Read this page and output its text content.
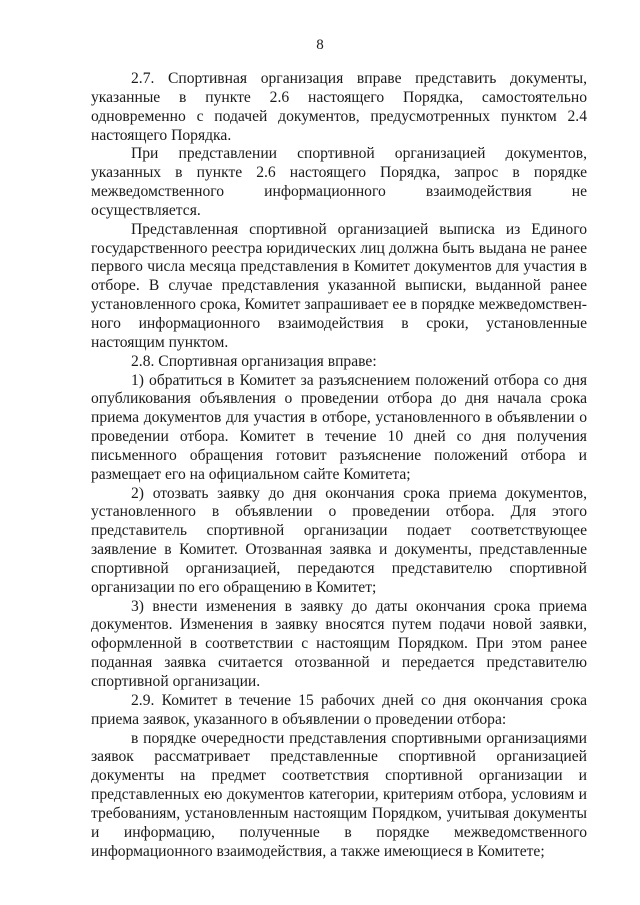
8

2.7. Спортивная организация вправе представить документы, указанные в пункте 2.6 настоящего Порядка, самостоятельно одновременно с подачей документов, предусмотренных пунктом 2.4 настоящего Порядка.

При представлении спортивной организацией документов, указанных в пункте 2.6 настоящего Порядка, запрос в порядке межведомственного информационного взаимодействия не осуществляется.

Представленная спортивной организацией выписка из Единого государственного реестра юридических лиц должна быть выдана не ранее первого числа месяца представления в Комитет документов для участия в отборе. В случае представления указанной выписки, выданной ранее установленного срока, Комитет запрашивает ее в порядке межведомственного информационного взаимодействия в сроки, установленные настоящим пунктом.

2.8. Спортивная организация вправе:

1) обратиться в Комитет за разъяснением положений отбора со дня опубликования объявления о проведении отбора до дня начала срока приема документов для участия в отборе, установленного в объявлении о проведении отбора. Комитет в течение 10 дней со дня получения письменного обращения готовит разъяснение положений отбора и размещает его на официальном сайте Комитета;

2) отозвать заявку до дня окончания срока приема документов, установленного в объявлении о проведении отбора. Для этого представитель спортивной организации подает соответствующее заявление в Комитет. Отозванная заявка и документы, представленные спортивной организацией, передаются представителю спортивной организации по его обращению в Комитет;

3) внести изменения в заявку до даты окончания срока приема документов. Изменения в заявку вносятся путем подачи новой заявки, оформленной в соответствии с настоящим Порядком. При этом ранее поданная заявка считается отозванной и передается представителю спортивной организации.

2.9. Комитет в течение 15 рабочих дней со дня окончания срока приема заявок, указанного в объявлении о проведении отбора:

в порядке очередности представления спортивными организациями заявок рассматривает представленные спортивной организацией документы на предмет соответствия спортивной организации и представленных ею документов категории, критериям отбора, условиям и требованиям, установленным настоящим Порядком, учитывая документы и информацию, полученные в порядке межведомственного информационного взаимодействия, а также имеющиеся в Комитете;
